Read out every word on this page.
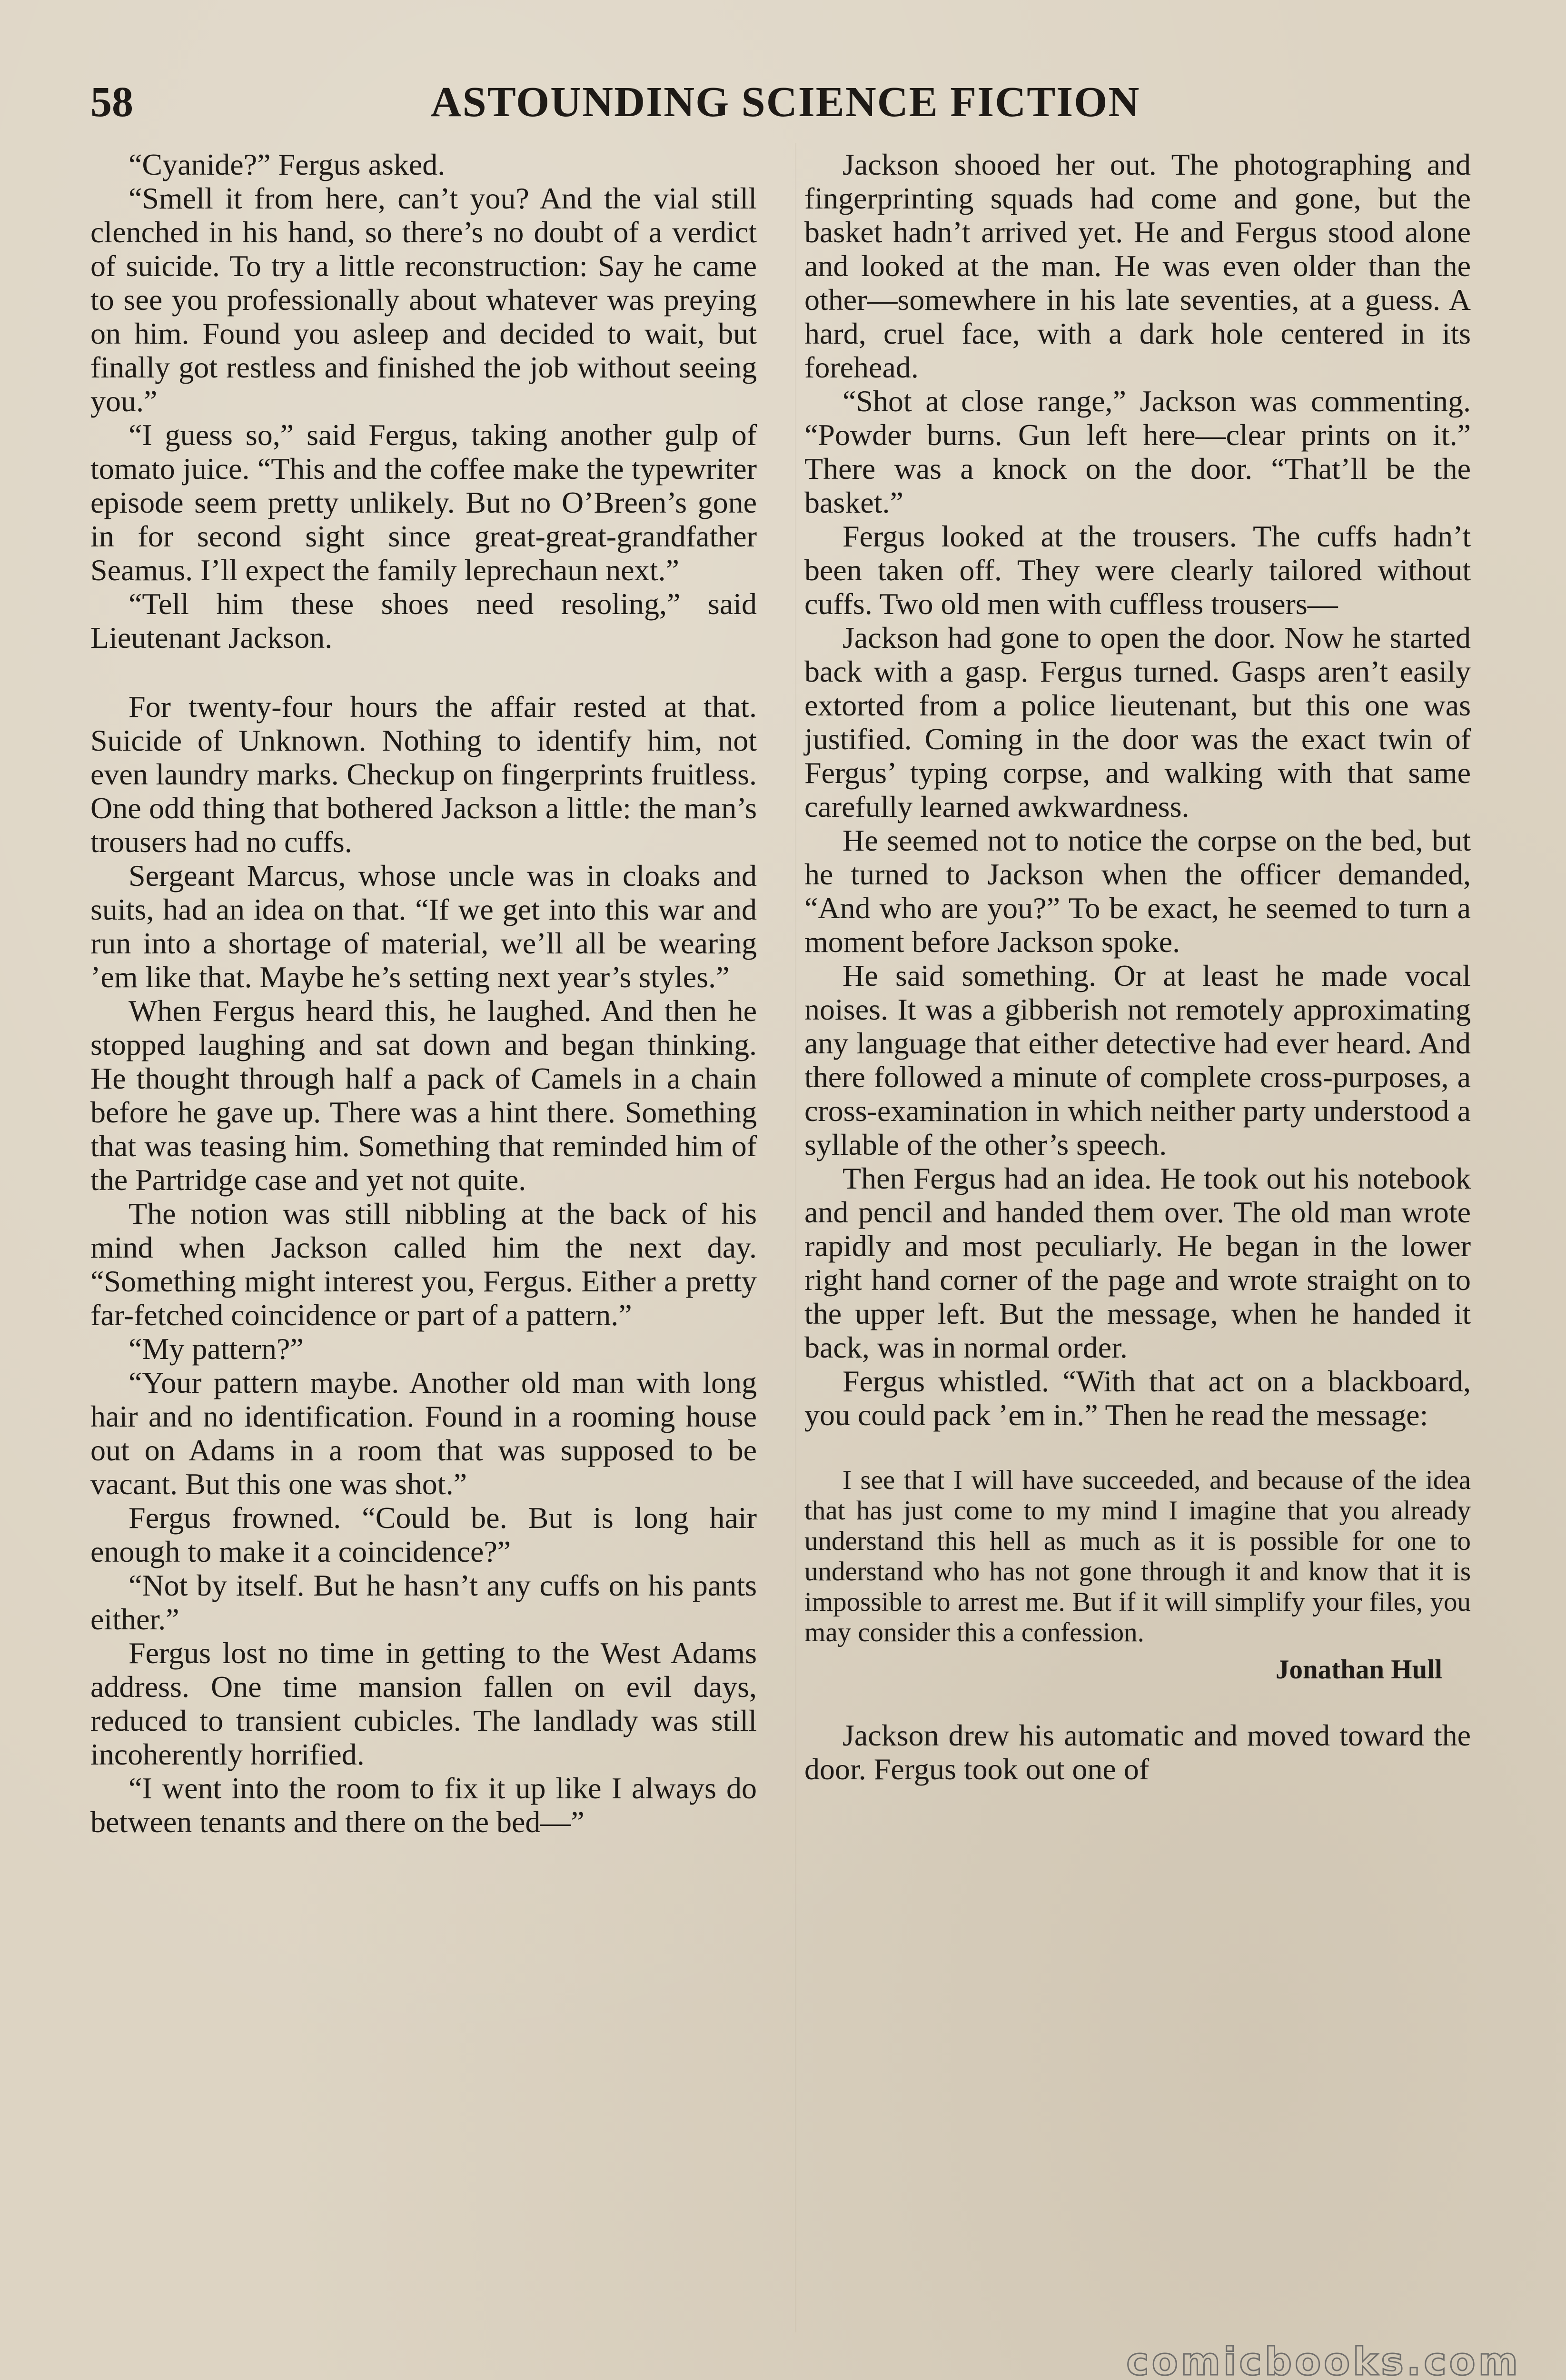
58	ASTOUNDING SCIENCE FICTION

“Cyanide?” Fergus asked.

“Smell it from here, can’t you? And the vial still clenched in his hand, so there’s no doubt of a verdict of suicide. To try a little reconstruction: Say he came to see you professionally about whatever was preying on him. Found you asleep and decided to wait, but finally got restless and finished the job without seeing you.”

“I guess so,” said Fergus, taking another gulp of tomato juice. “This and the coffee make the typewriter episode seem pretty unlikely. But no O’Breen’s gone in for second sight since great-great-grandfather Seamus. I’ll expect the family leprechaun next.”

“Tell him these shoes need resoling,” said Lieutenant Jackson.

For twenty-four hours the affair rested at that. Suicide of Unknown. Nothing to identify him, not even laundry marks. Checkup on fingerprints fruitless. One odd thing that bothered Jackson a little: the man’s trousers had no cuffs.

Sergeant Marcus, whose uncle was in cloaks and suits, had an idea on that. “If we get into this war and run into a shortage of material, we’ll all be wearing ’em like that. Maybe he’s setting next year’s styles.”

When Fergus heard this, he laughed. And then he stopped laughing and sat down and began thinking. He thought through half a pack of Camels in a chain before he gave up. There was a hint there. Something that was teasing him. Something that reminded him of the Partridge case and yet not quite.

The notion was still nibbling at the back of his mind when Jackson called him the next day. “Something might interest you, Fergus. Either a pretty far-fetched coincidence or part of a pattern.”

“My pattern?”

“Your pattern maybe. Another old man with long hair and no identification. Found in a rooming house out on Adams in a room that was supposed to be vacant. But this one was shot.”

Fergus frowned. “Could be. But is long hair enough to make it a coincidence?”

“Not by itself. But he hasn’t any cuffs on his pants either.”

Fergus lost no time in getting to the West Adams address. One time mansion fallen on evil days, reduced to transient cubicles. The landlady was still incoherently horrified.

“I went into the room to fix it up like I always do between tenants and there on the bed—”

Jackson shooed her out. The photographing and fingerprinting squads had come and gone, but the basket hadn’t arrived yet. He and Fergus stood alone and looked at the man. He was even older than the other—somewhere in his late seventies, at a guess. A hard, cruel face, with a dark hole centered in its forehead.

“Shot at close range,” Jackson was commenting. “Powder burns. Gun left here—clear prints on it.” There was a knock on the door. “That’ll be the basket.”

Fergus looked at the trousers. The cuffs hadn’t been taken off. They were clearly tailored without cuffs. Two old men with cuffless trousers—

Jackson had gone to open the door. Now he started back with a gasp. Fergus turned. Gasps aren’t easily extorted from a police lieutenant, but this one was justified. Coming in the door was the exact twin of Fergus’ typing corpse, and walking with that same carefully learned awkwardness.

He seemed not to notice the corpse on the bed, but he turned to Jackson when the officer demanded, “And who are you?” To be exact, he seemed to turn a moment before Jackson spoke.

He said something. Or at least he made vocal noises. It was a gibberish not remotely approximating any language that either detective had ever heard. And there followed a minute of complete cross-purposes, a cross-examination in which neither party understood a syllable of the other’s speech.

Then Fergus had an idea. He took out his notebook and pencil and handed them over. The old man wrote rapidly and most peculiarly. He began in the lower right hand corner of the page and wrote straight on to the upper left. But the message, when he handed it back, was in normal order.

Fergus whistled. “With that act on a blackboard, you could pack ’em in.” Then he read the message:

I see that I will have succeeded, and because of the idea that has just come to my mind I imagine that you already understand this hell as much as it is possible for one to understand who has not gone through it and know that it is impossible to arrest me. But if it will simplify your files, you may consider this a confession.

Jonathan Hull

Jackson drew his automatic and moved toward the door. Fergus took out one of

comicbooks.com
